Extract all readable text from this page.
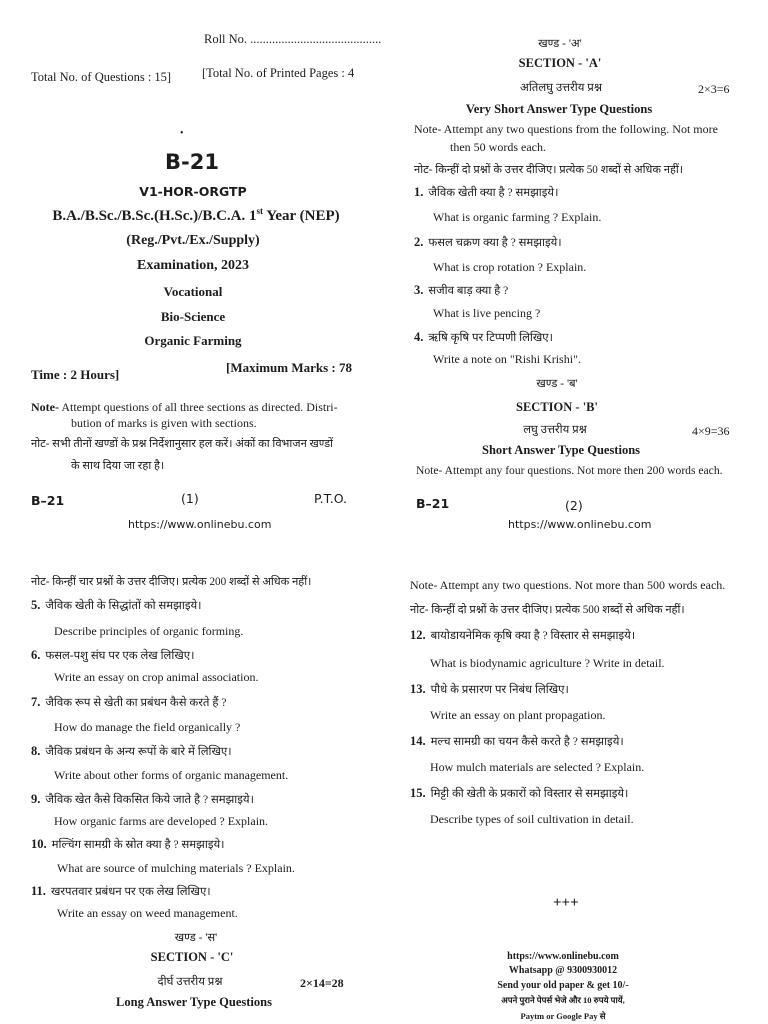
Roll No. ..........................................
Total No. of Questions : 15] [Total No. of Printed Pages : 4
•
B-21
V1-HOR-ORGTP
B.A./B.Sc./B.Sc.(H.Sc.)/B.C.A. 1st Year (NEP)
(Reg./Pvt./Ex./Supply)
Examination, 2023
Vocational
Bio-Science
Organic Farming
Time : 2 Hours]	[Maximum Marks : 78
Note- Attempt questions of all three sections as directed. Distri-
bution of marks is given with sections.
नोट- सभी तीनों खण्डों के प्रश्न निर्देशानुसार हल करें। अंकों का विभाजन खण्डों
के साथ दिया जा रहा है।
B–21	(1)	P.T.O.
https://www.onlinebu.com
खण्ड - 'अ'
SECTION - 'A'
अतिलघु उत्तरीय प्रश्न	2×3=6
Very Short Answer Type Questions
Note- Attempt any two questions from the following. Not more
then 50 words each.
नोट- किन्हीं दो प्रश्नों के उत्तर दीजिए। प्रत्येक 50 शब्दों से अधिक नहीं।
1. जैविक खेती क्या है ? समझाइये।
What is organic farming ? Explain.
2. फसल चक्रण क्या है ? समझाइये।
What is crop rotation ? Explain.
3. सजीव बाड़ क्या है ?
What is live pencing ?
4. ऋषि कृषि पर टिप्पणी लिखिए।
Write a note on "Rishi Krishi".
खण्ड - 'ब'
SECTION - 'B'
लघु उत्तरीय प्रश्न	4×9=36
Short Answer Type Questions
Note- Attempt any four questions. Not more then 200 words each.
B–21	(2)
https://www.onlinebu.com
नोट- किन्हीं चार प्रश्नों के उत्तर दीजिए। प्रत्येक 200 शब्दों से अधिक नहीं।
5. जैविक खेती के सिद्धांतों को समझाइये।
Describe principles of organic forming.
6. फसल-पशु संघ पर एक लेख लिखिए।
Write an essay on crop animal association.
7. जैविक रूप से खेती का प्रबंधन कैसे करते हैं ?
How do manage the field organically ?
8. जैविक प्रबंधन के अन्य रूपों के बारे में लिखिए।
Write about other forms of organic management.
9. जैविक खेत कैसे विकसित किये जाते है ? समझाइये।
How organic farms are developed ? Explain.
10. मल्चिंग सामग्री के स्रोत क्या है ? समझाइये।
What are source of mulching materials ? Explain.
11. खरपतवार प्रबंधन पर एक लेख लिखिए।
Write an essay on weed management.
खण्ड - 'स'
SECTION - 'C'
दीर्घ उत्तरीय प्रश्न	2×14=28
Long Answer Type Questions
Note- Attempt any two questions. Not more than 500 words each.
नोट- किन्हीं दो प्रश्नों के उत्तर दीजिए। प्रत्येक 500 शब्दों से अधिक नहीं।
12. बायोडायनेमिक कृषि क्या है ? विस्तार से समझाइये।
What is biodynamic agriculture ? Write in detail.
13. पौधे के प्रसारण पर निबंध लिखिए।
Write an essay on plant propagation.
14. मल्च सामग्री का चयन कैसे करते है ? समझाइये।
How mulch materials are selected ? Explain.
15. मिट्टी की खेती के प्रकारों को विस्तार से समझाइये।
Describe types of soil cultivation in detail.
+++
https://www.onlinebu.com
Whatsapp @ 9300930012
Send your old paper & get 10/-
अपने पुराने पेपर्स भेजे और 10 रुपये पायें,
Paytm or Google Pay से
